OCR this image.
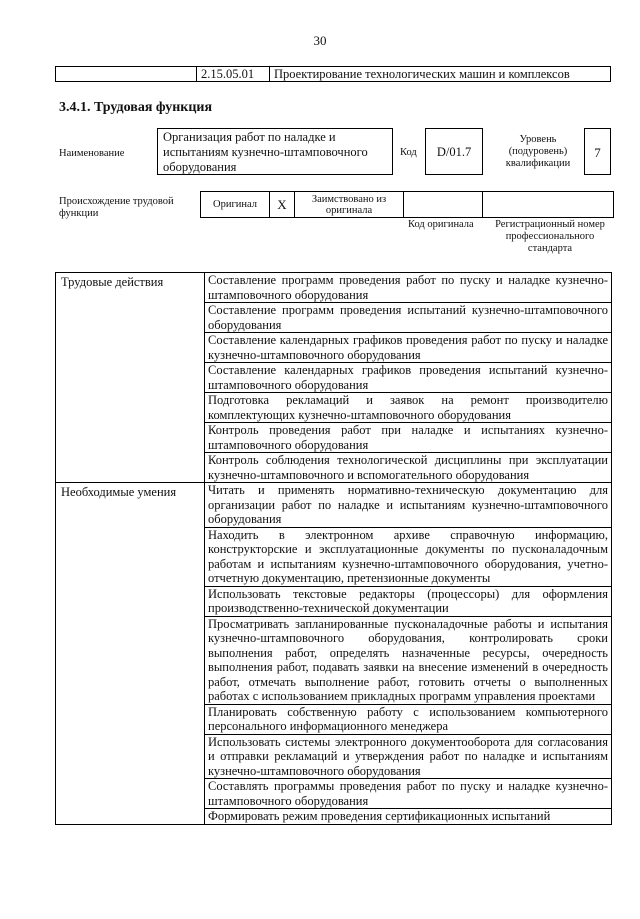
30
	2.15.05.01	Проектирование технологических машин и комплексов
3.4.1. Трудовая функция
Наименование
Организация работ по наладке и испытаниям кузнечно-штамповочного оборудования
Код	D/01.7
Уровень (подуровень) квалификации
7
Происхождение трудовой функции
Оригинал	X	Заимствовано из оригинала		
Код оригинала	Регистрационный номер профессионального стандарта
Трудовые действия	Составление программ проведения работ по пуску и наладке кузнечно-штамповочного оборудования
	Составление программ проведения испытаний кузнечно-штамповочного оборудования
	Составление календарных графиков проведения работ по пуску и наладке кузнечно-штамповочного оборудования
	Составление календарных графиков проведения испытаний кузнечно-штамповочного оборудования
	Подготовка рекламаций и заявок на ремонт производителю комплектующих кузнечно-штамповочного оборудования
	Контроль проведения работ при наладке и испытаниях кузнечно-штамповочного оборудования
	Контроль соблюдения технологической дисциплины при эксплуатации кузнечно-штамповочного и вспомогательного оборудования
Необходимые умения	Читать и применять нормативно-техническую документацию для организации работ по наладке и испытаниям кузнечно-штамповочного оборудования
	Находить в электронном архиве справочную информацию, конструкторские и эксплуатационные документы по пусконаладочным работам и испытаниям кузнечно-штамповочного оборудования, учетно-отчетную документацию, претензионные документы
	Использовать текстовые редакторы (процессоры) для оформления производственно-технической документации
	Просматривать запланированные пусконаладочные работы и испытания кузнечно-штамповочного оборудования, контролировать сроки выполнения работ, определять назначенные ресурсы, очередность выполнения работ, подавать заявки на внесение изменений в очередность работ, отмечать выполнение работ, готовить отчеты о выполненных работах с использованием прикладных программ управления проектами
	Планировать собственную работу с использованием компьютерного персонального информационного менеджера
	Использовать системы электронного документооборота для согласования и отправки рекламаций и утверждения работ по наладке и испытаниям кузнечно-штамповочного оборудования
	Составлять программы проведения работ по пуску и наладке кузнечно-штамповочного оборудования
	Формировать режим проведения сертификационных испытаний
